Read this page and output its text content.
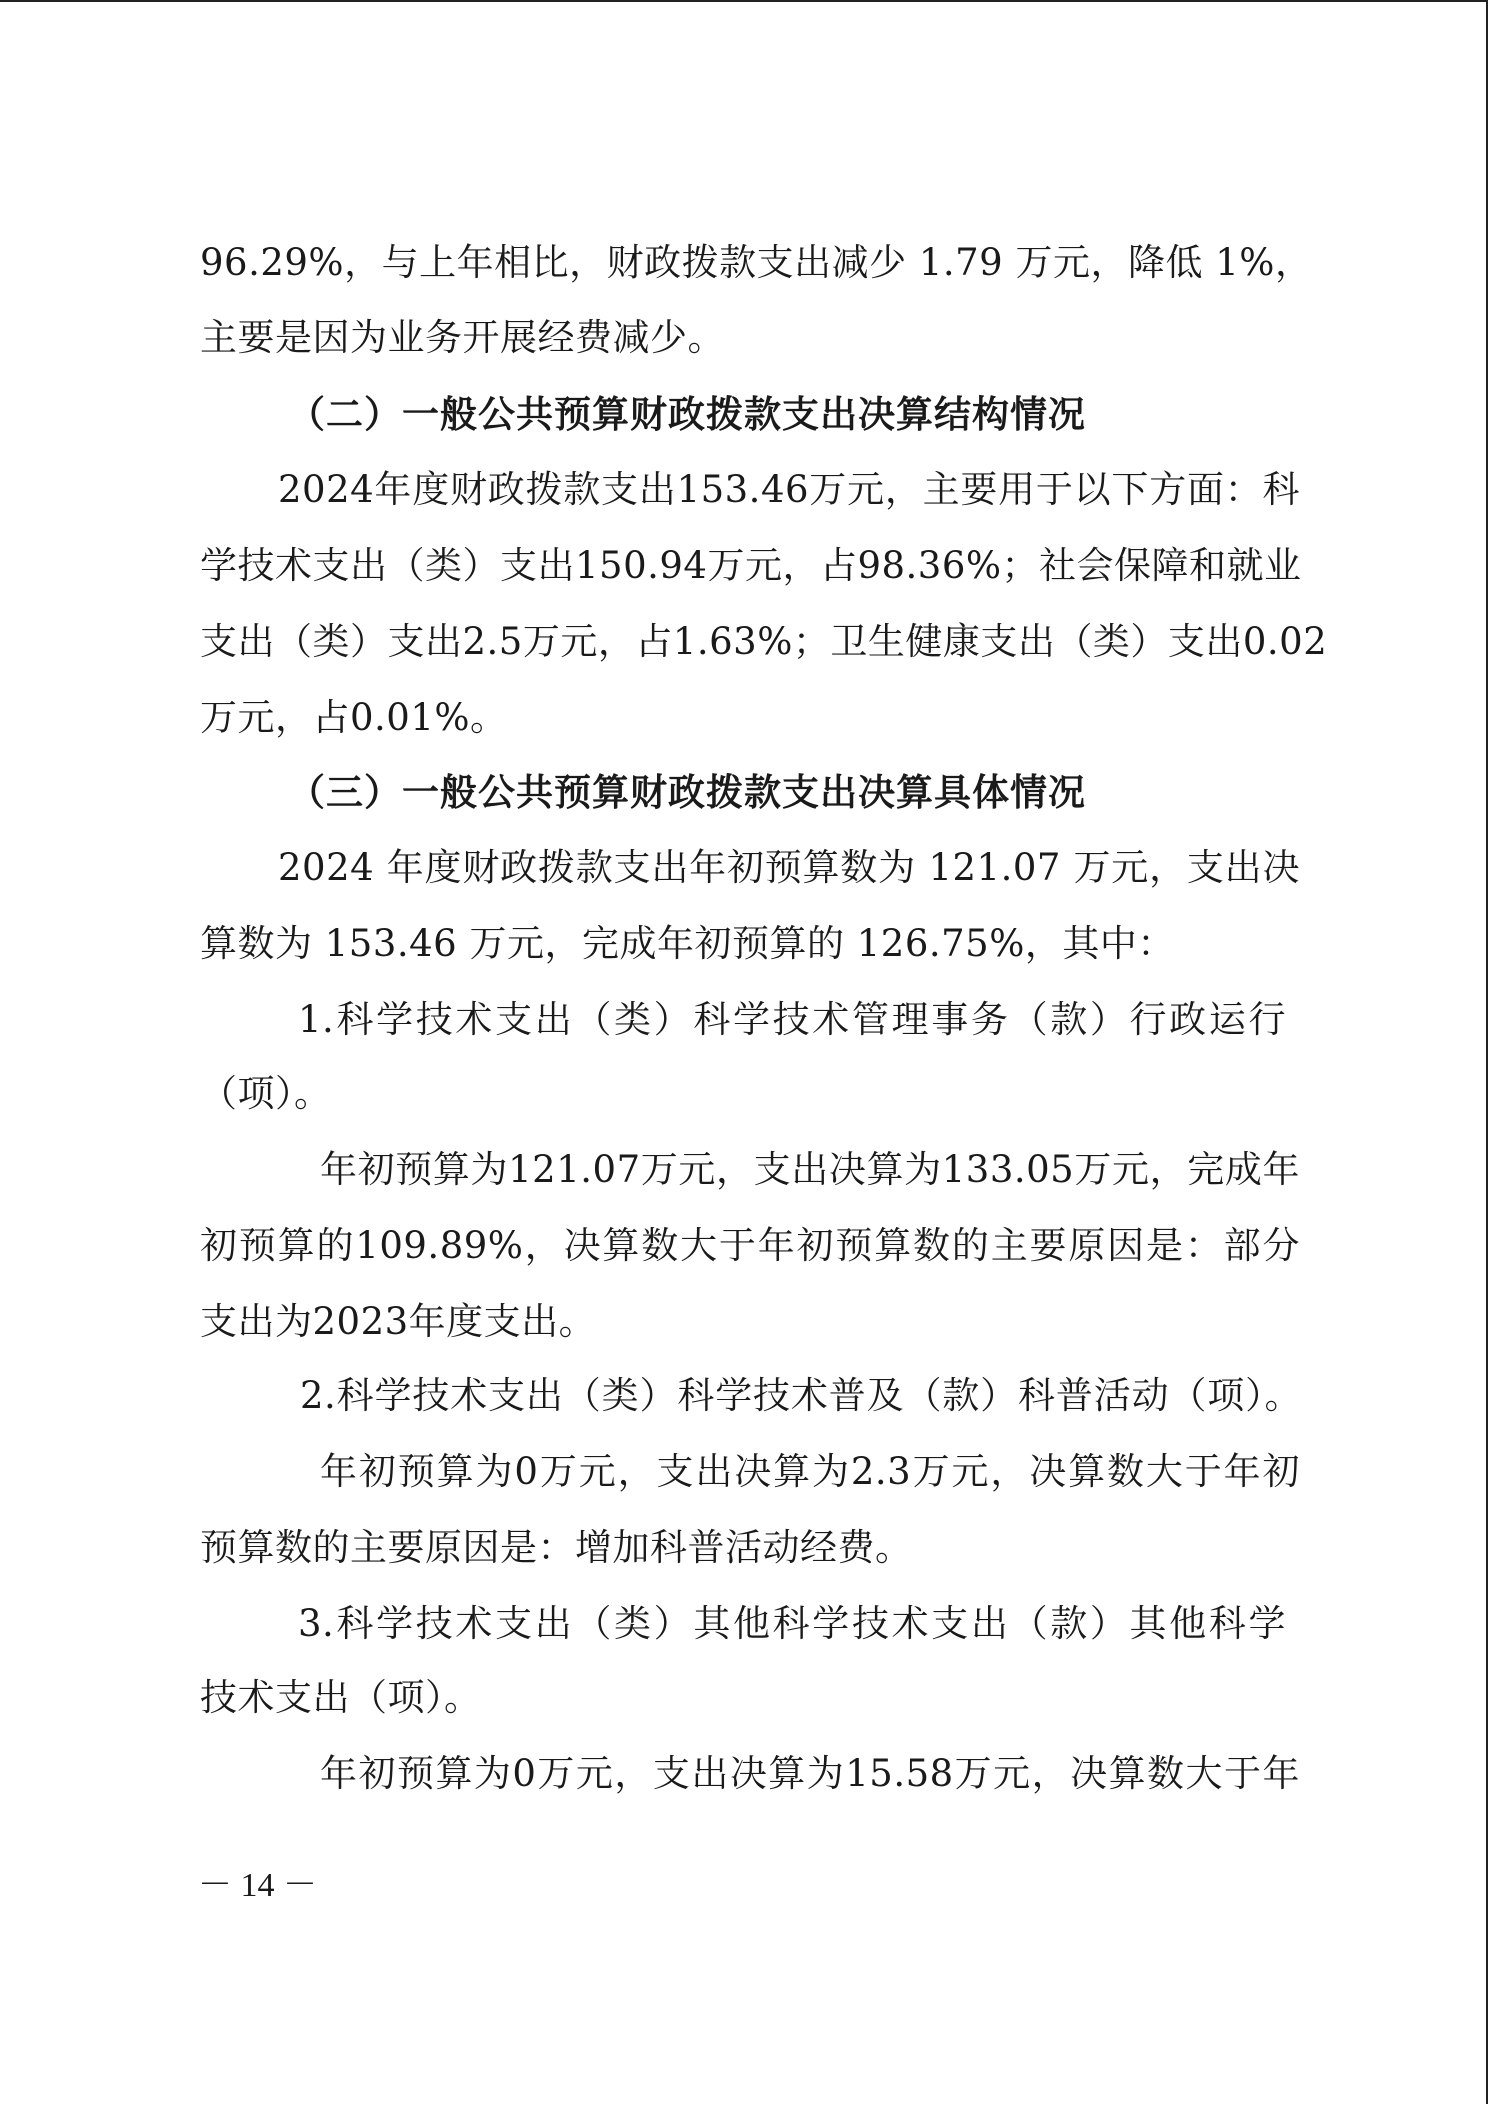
96.29%，与上年相比，财政拨款支出减少 1.79 万元，降低 1%，
主要是因为业务开展经费减少。
（二）一般公共预算财政拨款支出决算结构情况
2024年度财政拨款支出153.46万元，主要用于以下方面：科
学技术支出（类）支出150.94万元，占98.36%；社会保障和就业
支出（类）支出2.5万元，占1.63%；卫生健康支出（类）支出0.02
万元，占0.01%。
（三）一般公共预算财政拨款支出决算具体情况
2024 年度财政拨款支出年初预算数为 121.07 万元，支出决
算数为 153.46 万元，完成年初预算的 126.75%，其中：
1.科学技术支出（类）科学技术管理事务（款）行政运行
（项）。
年初预算为121.07万元，支出决算为133.05万元，完成年
初预算的109.89%，决算数大于年初预算数的主要原因是：部分
支出为2023年度支出。
2.科学技术支出（类）科学技术普及（款）科普活动（项）。
年初预算为0万元，支出决算为2.3万元，决算数大于年初
预算数的主要原因是：增加科普活动经费。
3.科学技术支出（类）其他科学技术支出（款）其他科学
技术支出（项）。
年初预算为0万元，支出决算为15.58万元，决算数大于年
－ 14 －
